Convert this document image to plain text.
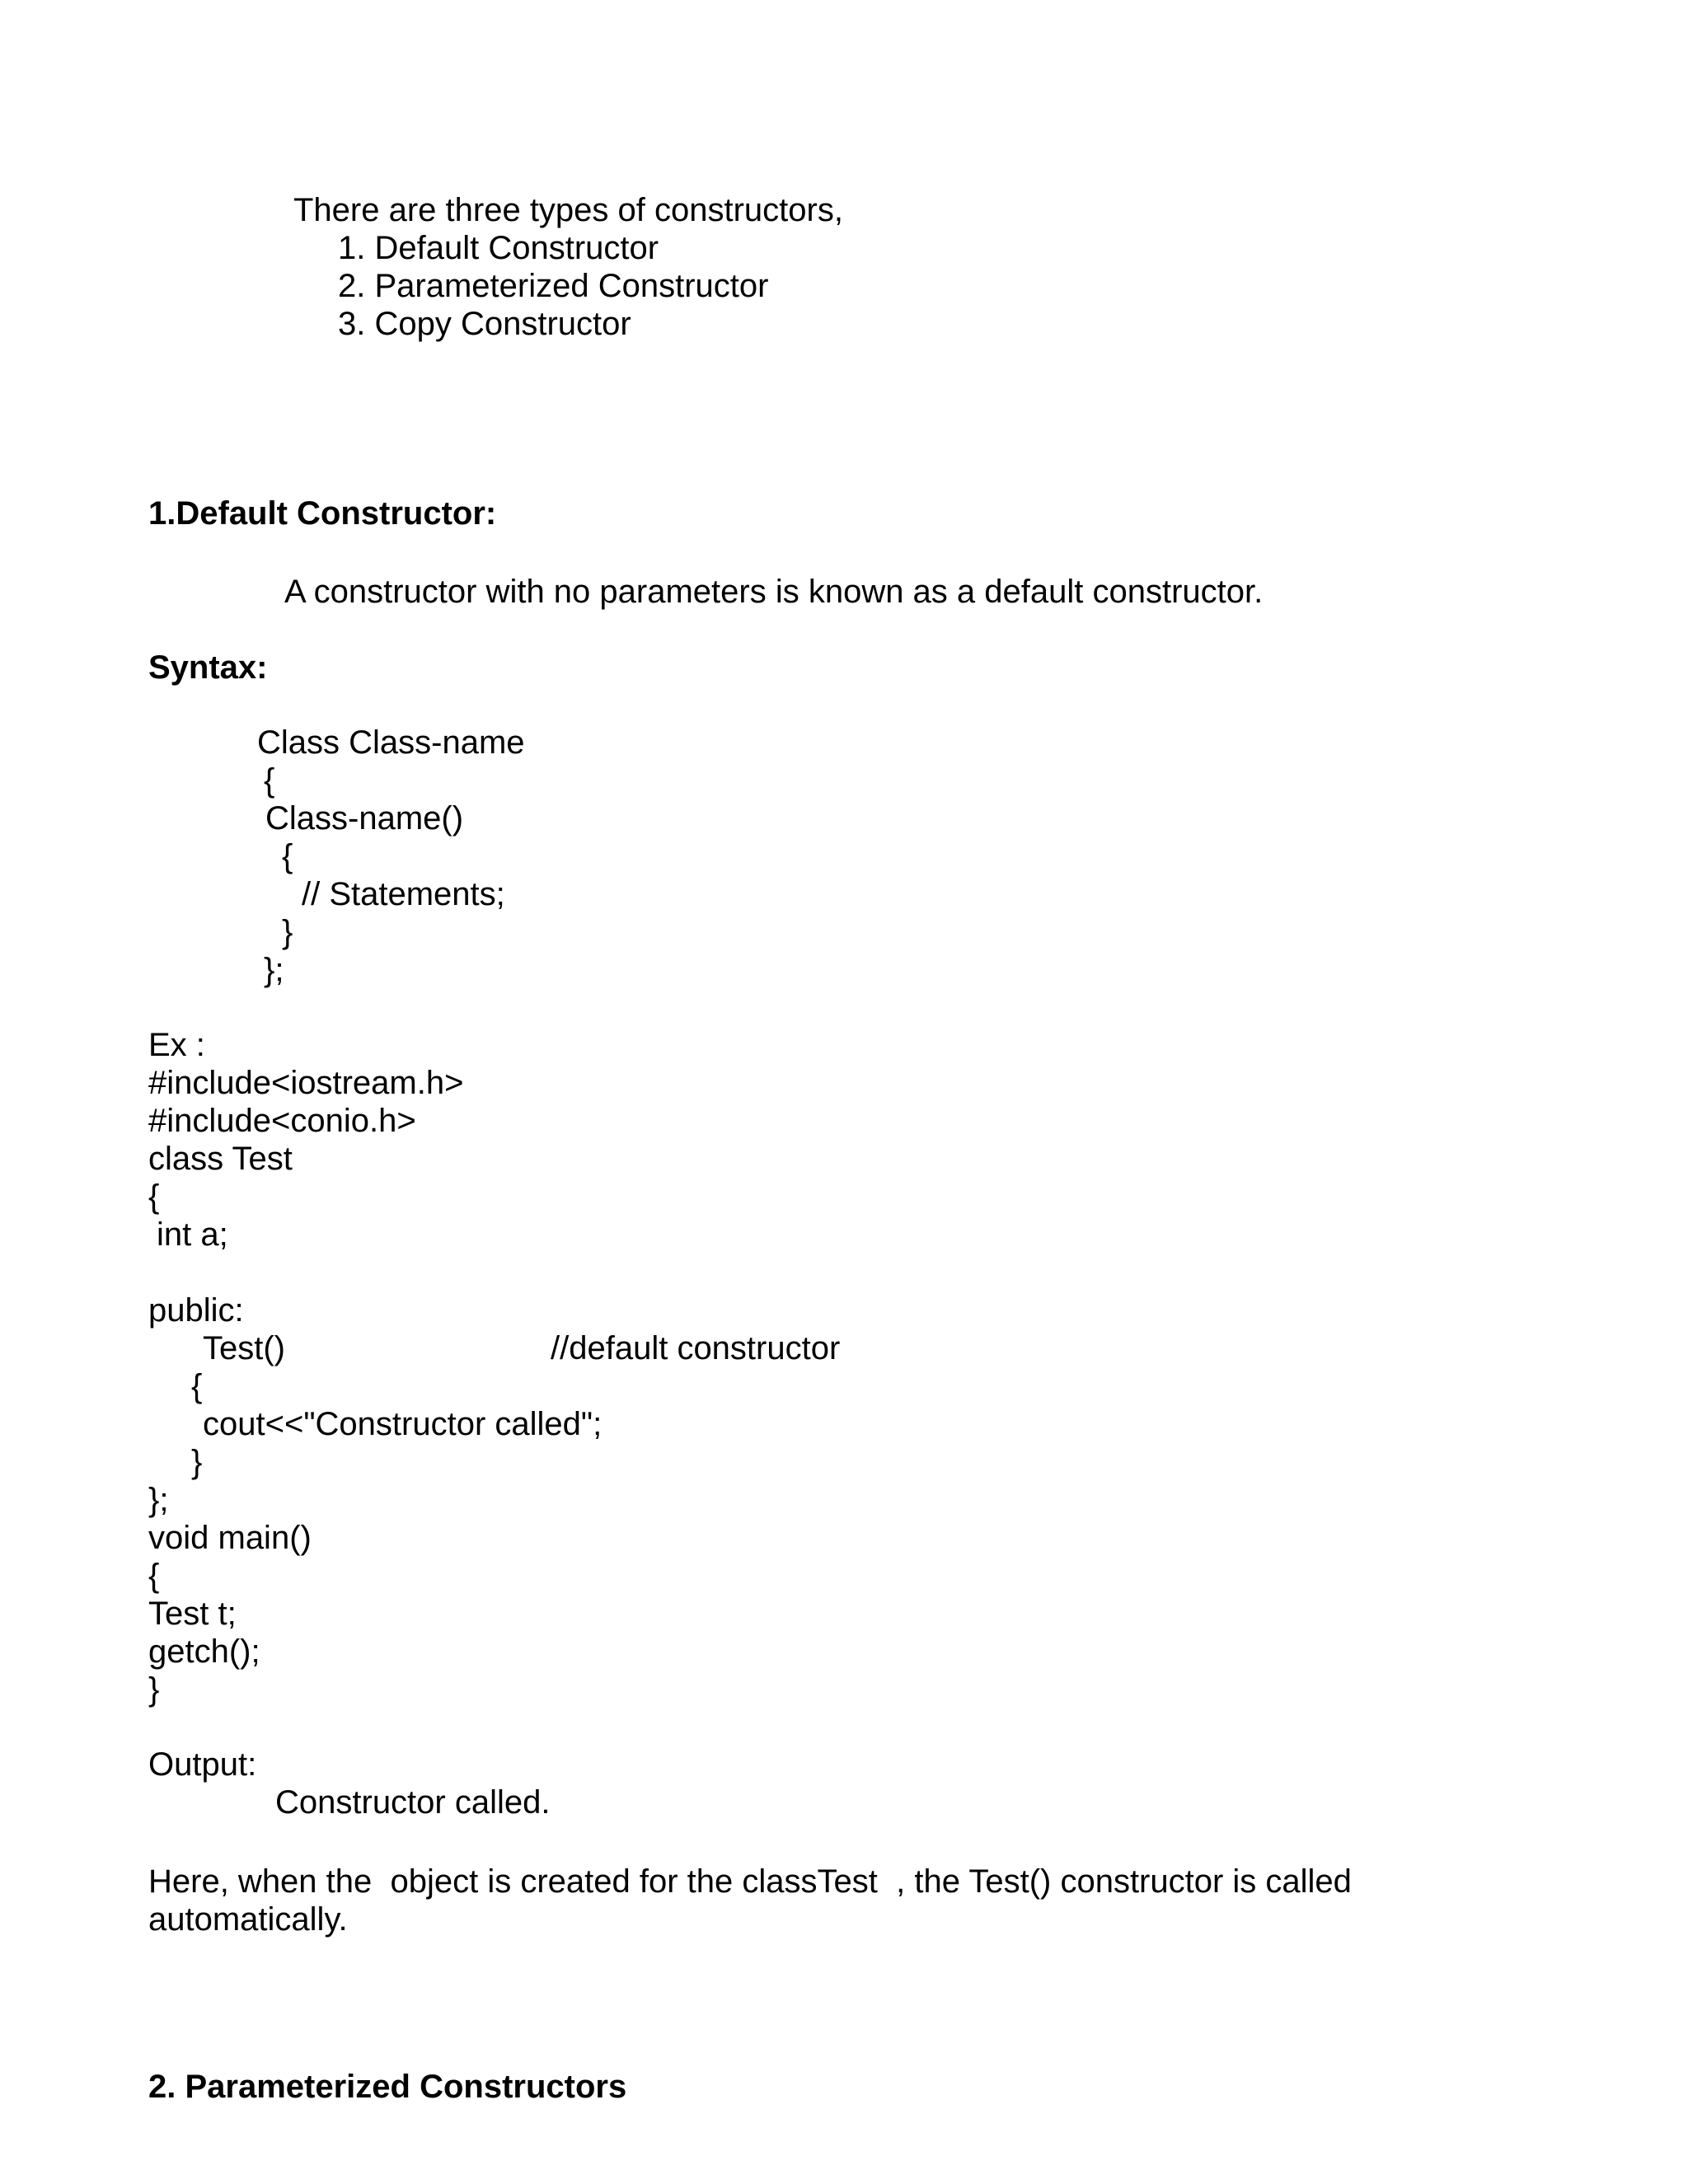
There are three types of constructors,

1. Default Constructor

2. Parameterized Constructor

3. Copy Constructor

1.Default Constructor:

A constructor with no parameters is known as a default constructor.

Syntax:

Class Class-name

{

Class-name()

{

// Statements;

}

};

Ex :

#include<iostream.h>

#include<conio.h>

class Test

{

int a;

public:

Test()	//default constructor

{

cout<<"Constructor called";

}

};

void main()

{

Test t;

getch();

}

Output:

Constructor called.

Here, when the  object is created for the classTest  , the Test() constructor is called

automatically.

2. Parameterized Constructors
